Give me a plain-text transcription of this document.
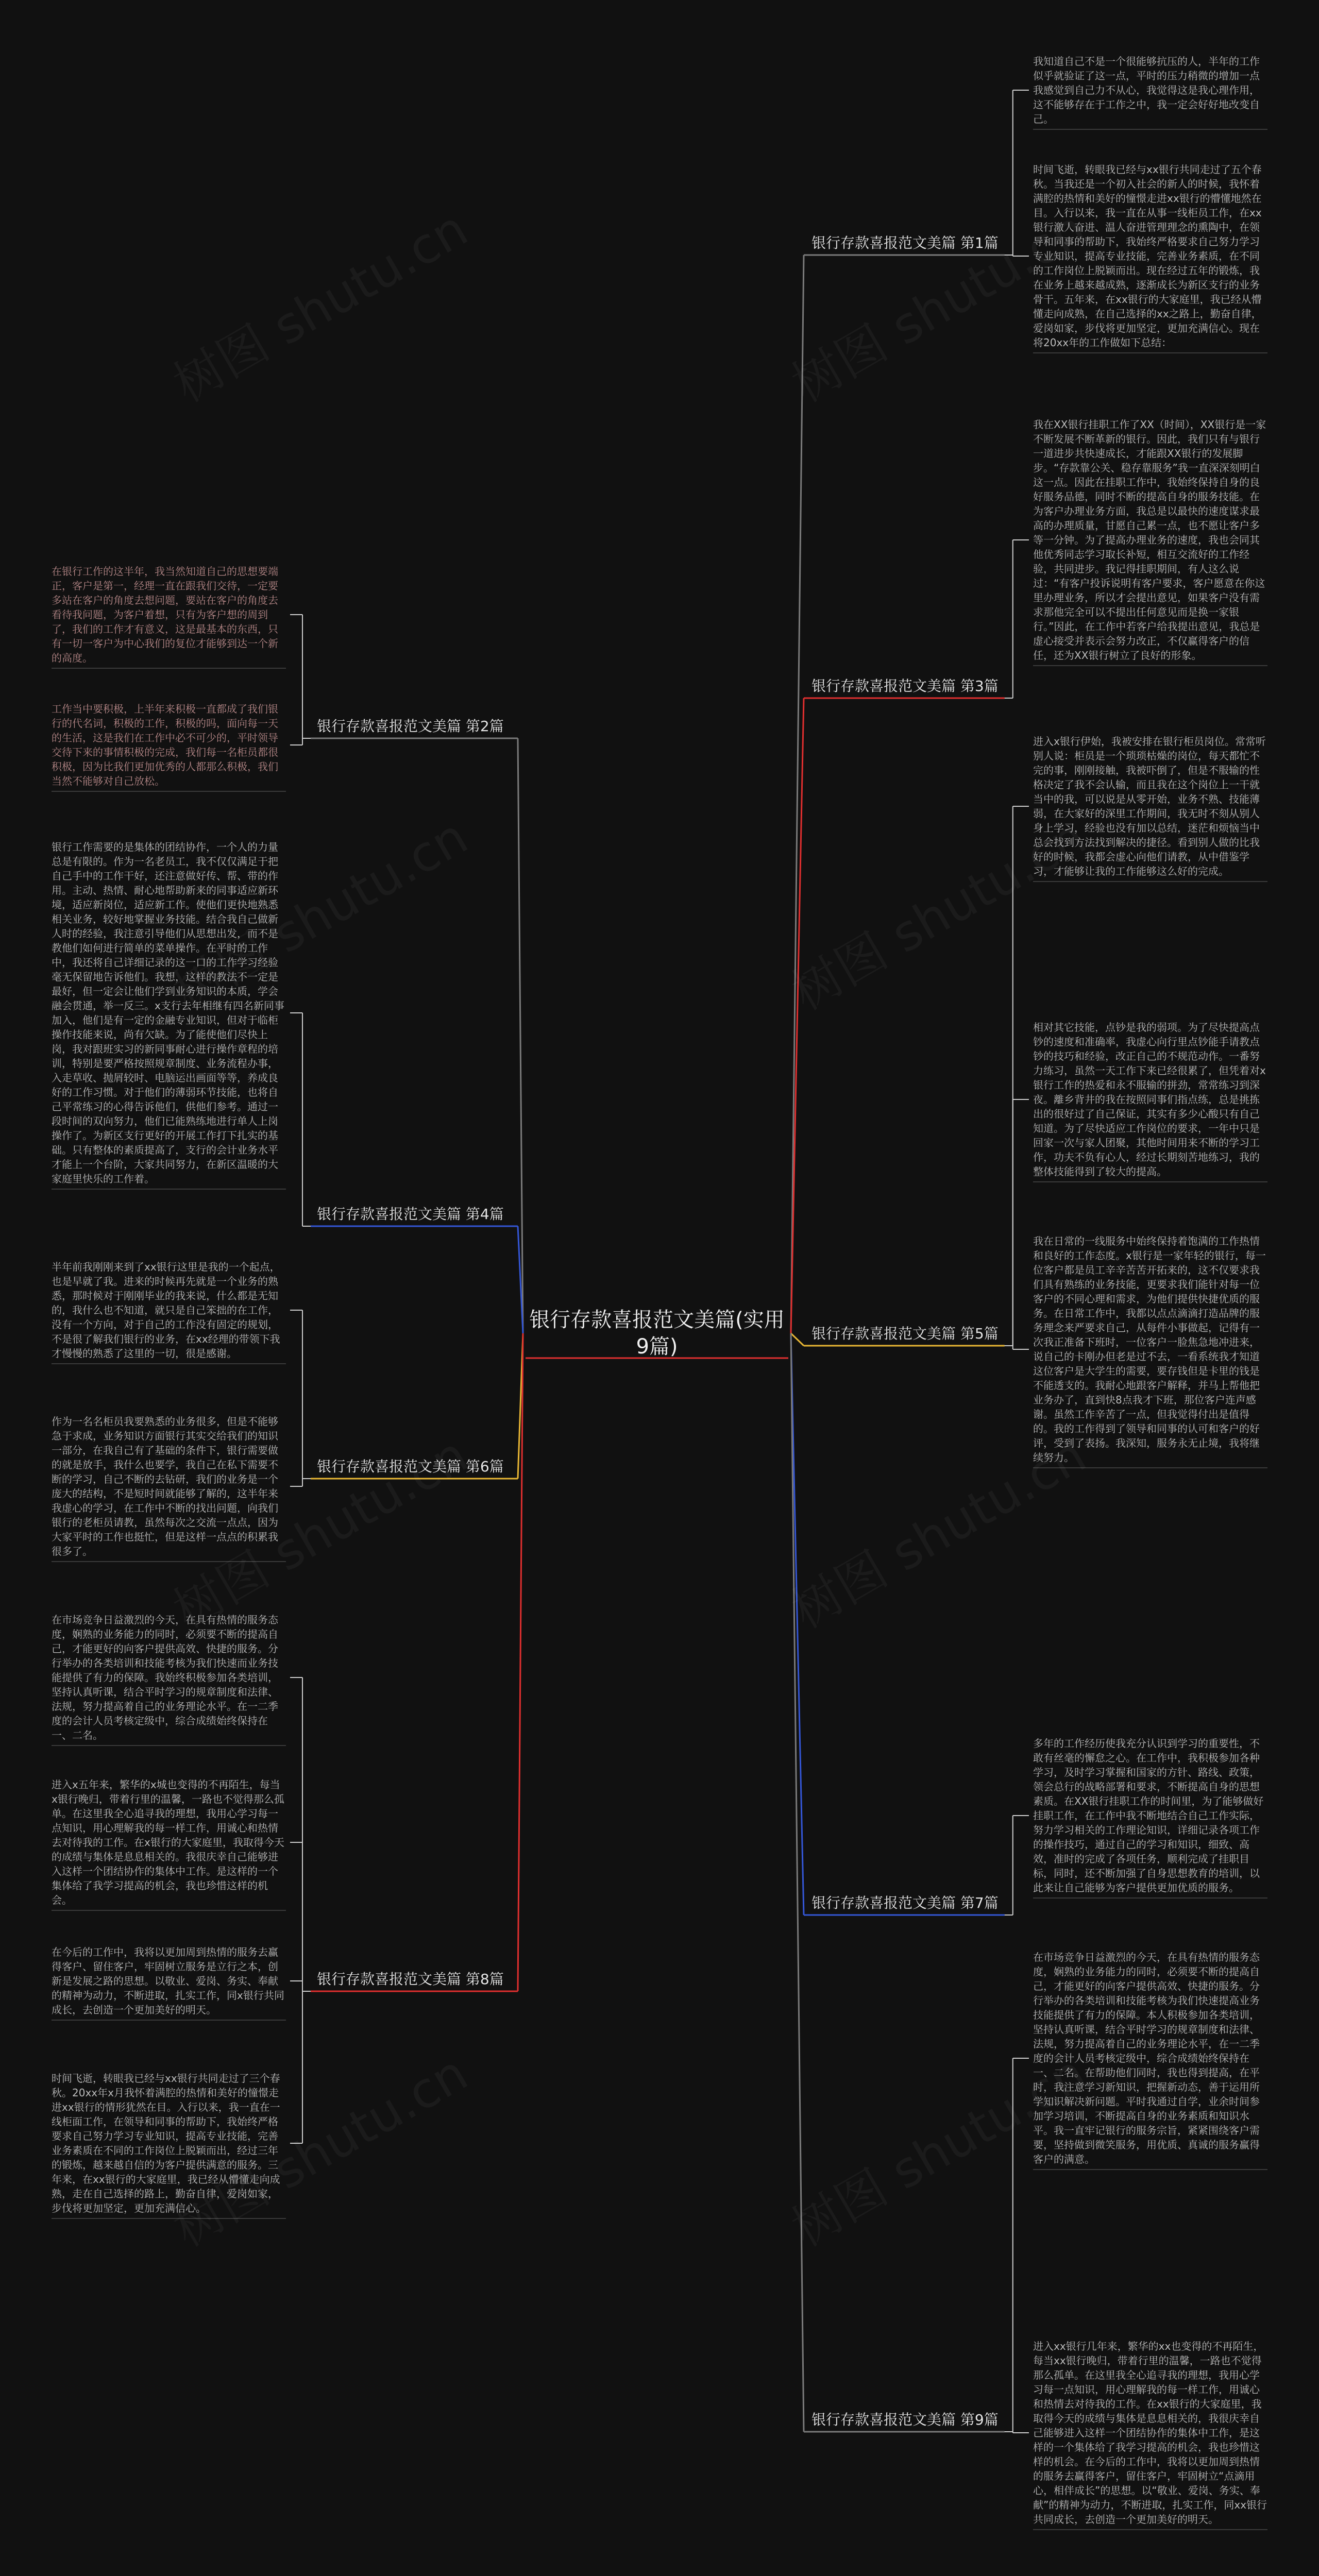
银行存款喜报范文美篇(实用9篇)
银行存款喜报范文美篇 第1篇
银行存款喜报范文美篇 第2篇
银行存款喜报范文美篇 第3篇
银行存款喜报范文美篇 第4篇
银行存款喜报范文美篇 第5篇
银行存款喜报范文美篇 第6篇
银行存款喜报范文美篇 第7篇
银行存款喜报范文美篇 第8篇
银行存款喜报范文美篇 第9篇
我知道自己不是一个很能够抗压的人，半年的工作似乎就验证了这一点，平时的压力稍微的增加一点我感觉到自己力不从心，我觉得这是我心理作用，这不能够存在于工作之中，我一定会好好地改变自己。
时间飞逝，转眼我已经与xx银行共同走过了五个春秋。当我还是一个初入社会的新人的时候，我怀着满腔的热情和美好的憧憬走进xx银行的懵懂地然在目。入行以来，我一直在从事一线柜员工作，在xx银行激人奋进、温人奋进管理理念的熏陶中，在领导和同事的帮助下，我始终严格要求自己努力学习专业知识，提高专业技能，完善业务素质，在不同的工作岗位上脱颖而出。现在经过五年的锻炼，我在业务上越来越成熟，逐渐成长为新区支行的业务骨干。五年来，在xx银行的大家庭里，我已经从懵懂走向成熟，在自己选择的xx之路上，勤奋自律，爱岗如家，步伐将更加坚定，更加充满信心。现在将20xx年的工作做如下总结：
在银行工作的这半年，我当然知道自己的思想要端正，客户是第一，经理一直在跟我们交待，一定要多站在客户的角度去想问题，要站在客户的角度去看待我问题，为客户着想，只有为客户想的周到了，我们的工作才有意义，这是最基本的东西，只有一切一客户为中心我们的复位才能够到达一个新的高度。
工作当中要积极，上半年来积极一直都成了我们银行的代名词，积极的工作，积极的吗，面向每一天的生活，这是我们在工作中必不可少的，平时领导交待下来的事情积极的完成，我们每一名柜员都很积极，因为比我们更加优秀的人都那么积极，我们当然不能够对自己放松。
我在XX银行挂职工作了XX（时间），XX银行是一家不断发展不断革新的银行。因此，我们只有与银行一道进步共快速成长，才能跟XX银行的发展脚步。“存款靠公关、稳存靠服务”我一直深深刻明白这一点。因此在挂职工作中，我始终保持自身的良好服务品德，同时不断的提高自身的服务技能。在为客户办理业务方面，我总是以最快的速度谋求最高的办理质量，甘愿自己累一点，也不愿让客户多等一分钟。为了提高办理业务的速度，我也会同其他优秀同志学习取长补短，相互交流好的工作经验，共同进步。我记得挂职期间，有人这么说过：“有客户投诉说明有客户要求，客户愿意在你这里办理业务，所以才会提出意见，如果客户没有需求那他完全可以不提出任何意见而是换一家银行。”因此，在工作中若客户给我提出意见，我总是虚心接受并表示会努力改正，不仅赢得客户的信任，还为XX银行树立了良好的形象。
银行工作需要的是集体的团结协作，一个人的力量总是有限的。作为一名老员工，我不仅仅满足于把自己手中的工作干好，还注意做好传、帮、带的作用。主动、热情、耐心地帮助新来的同事适应新环境，适应新岗位，适应新工作。使他们更快地熟悉相关业务，较好地掌握业务技能。结合我自己做新人时的经验，我注意引导他们从思想出发，而不是教他们如何进行简单的菜单操作。在平时的工作中，我还将自己详细记录的这一口的工作学习经验毫无保留地告诉他们。我想，这样的教法不一定是最好，但一定会让他们学到业务知识的本质，学会融会贯通，举一反三。x支行去年相继有四名新同事加入，他们是有一定的金融专业知识，但对于临柜操作技能来说，尚有欠缺。为了能使他们尽快上岗，我对跟班实习的新同事耐心进行操作章程的培训，特别是要严格按照规章制度、业务流程办事，入走草收、抛屑较时、电脑运出画面等等，养成良好的工作习惯。对于他们的薄弱环节技能，也将自己平常练习的心得告诉他们，供他们参考。通过一段时间的双向努力，他们已能熟练地进行单人上岗操作了。为新区支行更好的开展工作打下扎实的基础。只有整体的素质提高了，支行的会计业务水平才能上一个台阶，大家共同努力，在新区温暖的大家庭里快乐的工作着。
进入x银行伊始，我被安排在银行柜员岗位。常常听别人说：柜员是一个琐琐枯燥的岗位，每天都忙不完的事，刚刚接触，我被吓倒了，但是不服输的性格决定了我不会认输，而且我在这个岗位上一干就当中的我，可以说是从零开始，业务不熟、技能薄弱，在大家好的深里工作期间，我无时不刻从别人身上学习，经验也没有加以总结，迷茫和烦恼当中总会找到方法找到解决的捷径。看到别人做的比我好的时候，我都会虚心向他们请教，从中借鉴学习，才能够让我的工作能够这么好的完成。
相对其它技能，点钞是我的弱项。为了尽快提高点钞的速度和准确率，我虚心向行里点钞能手请教点钞的技巧和经验，改正自己的不规范动作。一番努力练习，虽然一天工作下来已经很累了，但凭着对x银行工作的热爱和永不服输的拼劲，常常练习到深夜。離乡背井的我在按照同事们指点练，总是挑拣出的很好过了自己保证，其实有多少心酸只有自己知道。为了尽快适应工作岗位的要求，一年中只是回家一次与家人团聚，其他时间用来不断的学习工作，功夫不负有心人，经过长期刻苦地练习，我的整体技能得到了较大的提高。
我在日常的一线服务中始终保持着饱满的工作热情和良好的工作态度。x银行是一家年轻的银行，每一位客户都是员工辛辛苦苦开拓来的，这不仅要求我们具有熟练的业务技能，更要求我们能针对每一位客户的不同心理和需求，为他们提供快捷优质的服务。在日常工作中，我都以点点滴滴打造品牌的服务理念来严要求自己，从每件小事做起，记得有一次我正准备下班时，一位客户一脸焦急地冲进来，说自己的卡刚办但老是过不去，一看系统我才知道这位客户是大学生的需要，要存钱但是卡里的钱是不能透支的。我耐心地跟客户解释，并马上帮他把业务办了，直到快8点我才下班，那位客户连声感谢。虽然工作辛苦了一点，但我觉得付出是值得的。我的工作得到了领导和同事的认可和客户的好评，受到了表扬。我深知，服务永无止境，我将继续努力。
半年前我刚刚来到了xx银行这里是我的一个起点，也是早就了我。进来的时候再先就是一个业务的熟悉，那时候对于刚刚毕业的我来说，什么都是无知的，我什么也不知道，就只是自己笨拙的在工作，没有一个方向，对于自己的工作没有固定的规划，不是很了解我们银行的业务，在xx经理的带领下我才慢慢的熟悉了这里的一切，很是感谢。
作为一名名柜员我要熟悉的业务很多，但是不能够急于求成，业务知识方面银行其实交给我们的知识一部分，在我自己有了基础的条件下，银行需要做的就是放手，我什么也要学，我自己在私下需要不断的学习，自己不断的去钻研，我们的业务是一个庞大的结构，不是短时间就能够了解的，这半年来我虚心的学习，在工作中不断的找出问题，向我们银行的老柜员请教，虽然每次之交流一点点，因为大家平时的工作也挺忙，但是这样一点点的积累我很多了。
多年的工作经历使我充分认识到学习的重要性，不敢有丝毫的懈怠之心。在工作中，我积极参加各种学习，及时学习掌握和国家的方针、路线、政策，领会总行的战略部署和要求，不断提高自身的思想素质。在XX银行挂职工作的时间里，为了能够做好挂职工作，在工作中我不断地结合自己工作实际，努力学习相关的工作理论知识，详细记录各项工作的操作技巧，通过自己的学习和知识，细致、高效，准时的完成了各项任务，顺利完成了挂职目标，同时，还不断加强了自身思想教育的培训，以此来让自己能够为客户提供更加优质的服务。
在市场竞争日益激烈的今天，在具有热情的服务态度，娴熟的业务能力的同时，必须要不断的提高自己，才能更好的向客户提供高效、快捷的服务。分行举办的各类培训和技能考核为我们快速而业务技能提供了有力的保障。我始终积极参加各类培训，坚持认真听课，结合平时学习的规章制度和法律、法规，努力提高着自己的业务理论水平。在一二季度的会计人员考核定级中，综合成绩始终保持在一、二名。
进入x五年来，繁华的x城也变得的不再陌生，每当x银行晚归，带着行里的温馨，一路也不觉得那么孤单。在这里我全心追寻我的理想，我用心学习每一点知识，用心理解我的每一样工作，用诚心和热情去对待我的工作。在x银行的大家庭里，我取得今天的成绩与集体是息息相关的。我很庆幸自己能够进入这样一个团结协作的集体中工作。是这样的一个集体给了我学习提高的机会，我也珍惜这样的机会。
在今后的工作中，我将以更加周到热情的服务去赢得客户、留住客户，牢固树立服务是立行之本，创新是发展之路的思想。以敬业、爱岗、务实、奉献的精神为动力，不断进取，扎实工作，同x银行共同成长，去创造一个更加美好的明天。
时间飞逝，转眼我已经与xx银行共同走过了三个春秋。20xx年x月我怀着满腔的热情和美好的憧憬走进xx银行的情形犹然在目。入行以来，我一直在一线柜面工作，在领导和同事的帮助下，我始终严格要求自己努力学习专业知识，提高专业技能，完善业务素质在不同的工作岗位上脱颖而出，经过三年的锻炼，越来越自信的为客户提供满意的服务。三年来，在xx银行的大家庭里，我已经从懵懂走向成熟，走在自己选择的路上，勤奋自律，爱岗如家，步伐将更加坚定，更加充满信心。
在市场竞争日益激烈的今天，在具有热情的服务态度，娴熟的业务能力的同时，必须要不断的提高自己，才能更好的向客户提供高效、快捷的服务。分行举办的各类培训和技能考核为我们快速提高业务技能提供了有力的保障。本人积极参加各类培训，坚持认真听课，结合平时学习的规章制度和法律、法规，努力提高着自己的业务理论水平，在一二季度的会计人员考核定级中，综合成绩始终保持在一、二名。在帮助他们同时，我也得到提高，在平时，我注意学习新知识，把握新动态，善于运用所学知识解决新问题。平时我通过自学，业余时间参加学习培训，不断提高自身的业务素质和知识水平。我一直牢记银行的服务宗旨，紧紧围绕客户需要，坚持做到微笑服务，用优质、真诚的服务赢得客户的满意。
进入xx银行几年来，繁华的xx也变得的不再陌生，每当xx银行晚归，带着行里的温馨，一路也不觉得那么孤单。在这里我全心追寻我的理想，我用心学习每一点知识，用心理解我的每一样工作，用诚心和热情去对待我的工作。在xx银行的大家庭里，我取得今天的成绩与集体是息息相关的，我很庆幸自己能够进入这样一个团结协作的集体中工作，是这样的一个集体给了我学习提高的机会，我也珍惜这样的机会。在今后的工作中，我将以更加周到热情的服务去赢得客户，留住客户，牢固树立“点滴用心，相伴成长”的思想。以“敬业、爱岗、务实、奉献”的精神为动力，不断进取，扎实工作，同xx银行共同成长，去创造一个更加美好的明天。
